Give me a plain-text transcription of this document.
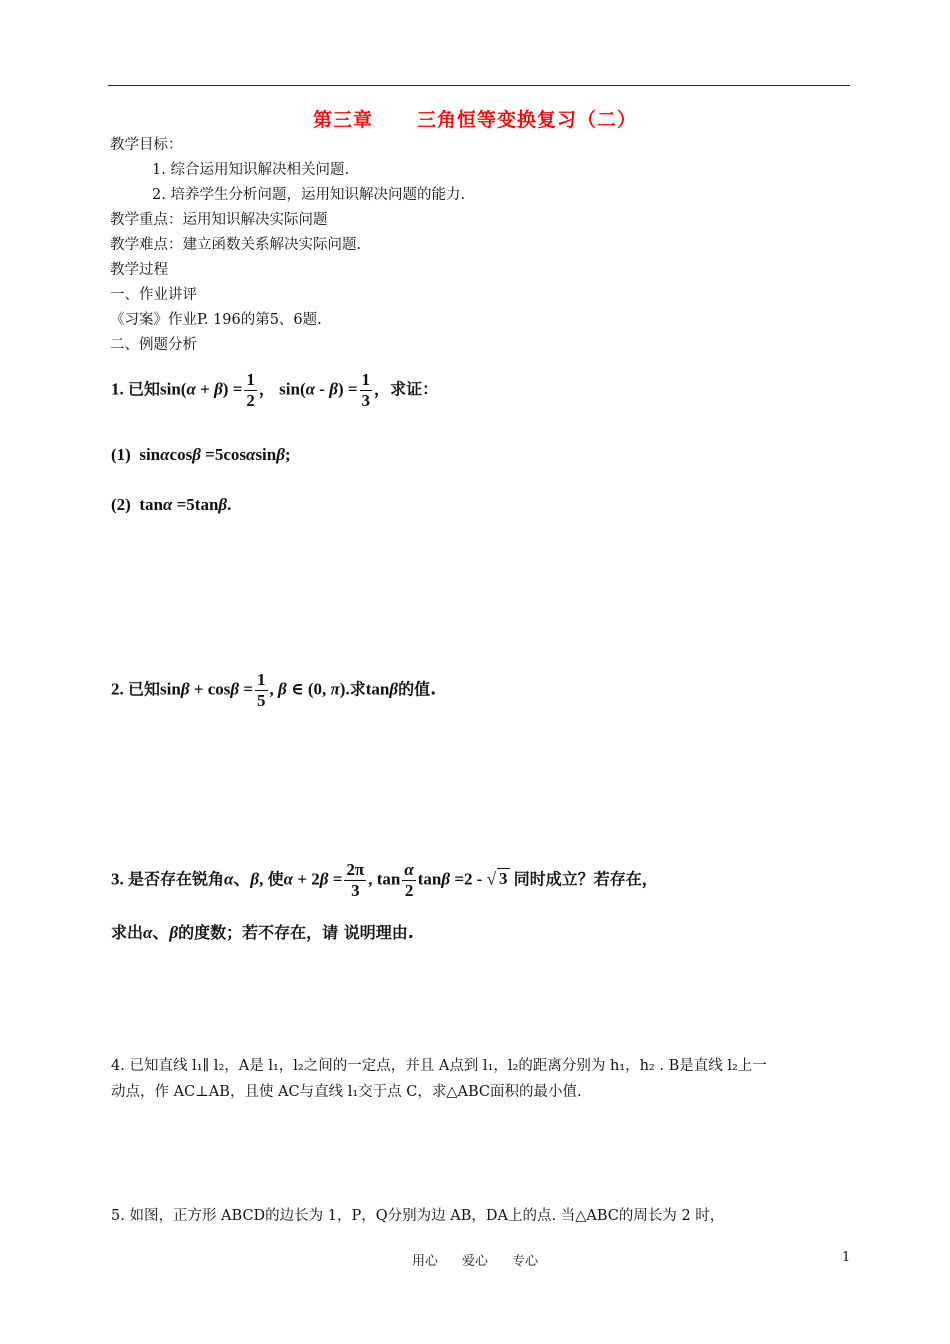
第三章 三角恒等变换复习（二）
教学目标：
1. 综合运用知识解决相关问题.
2. 培养学生分析问题，运用知识解决问题的能力.
教学重点：运用知识解决实际问题
教学难点：建立函数关系解决实际问题.
教学过程
一、作业讲评
《习案》作业P. 196的第5、6题.
二、例题分析
1. 已知$\sin(\alpha + \beta) = \frac{1}{2}$ ， $\sin(\alpha - \beta) = \frac{1}{3}$ ，求证：
(1)  sinαcosβ =5cosαsinβ;
(2)  tanα =5tanβ.
2. 已知$\sin\beta + \cos\beta = \frac{1}{5}$ , β ∈ (0, π).求tanβ的值.
3. 是否存在锐角α、β, 使$\alpha + 2\beta = \frac{2\pi}{3}$ , $\tan \frac{\alpha}{2}$ tanβ =2 - √ 3 同时成立？若存在，
求出α、β的度数；若不存在，请 说明理由.
4. 已知直线 l₁∥ l₂，A是 l₁，l₂之间的一定点，并且 A点到 l₁，l₂的距离分别为 h₁，h₂ . B是直线 l₂上一
动点，作 AC⊥AB，且使 AC与直线 l₁交于点 C，求△ABC面积的最小值.
5. 如图，正方形 ABCD的边长为 1，P，Q分别为边 AB，DA上的点. 当△ABC的周长为 2 时，
用心 爱心 专心	1
